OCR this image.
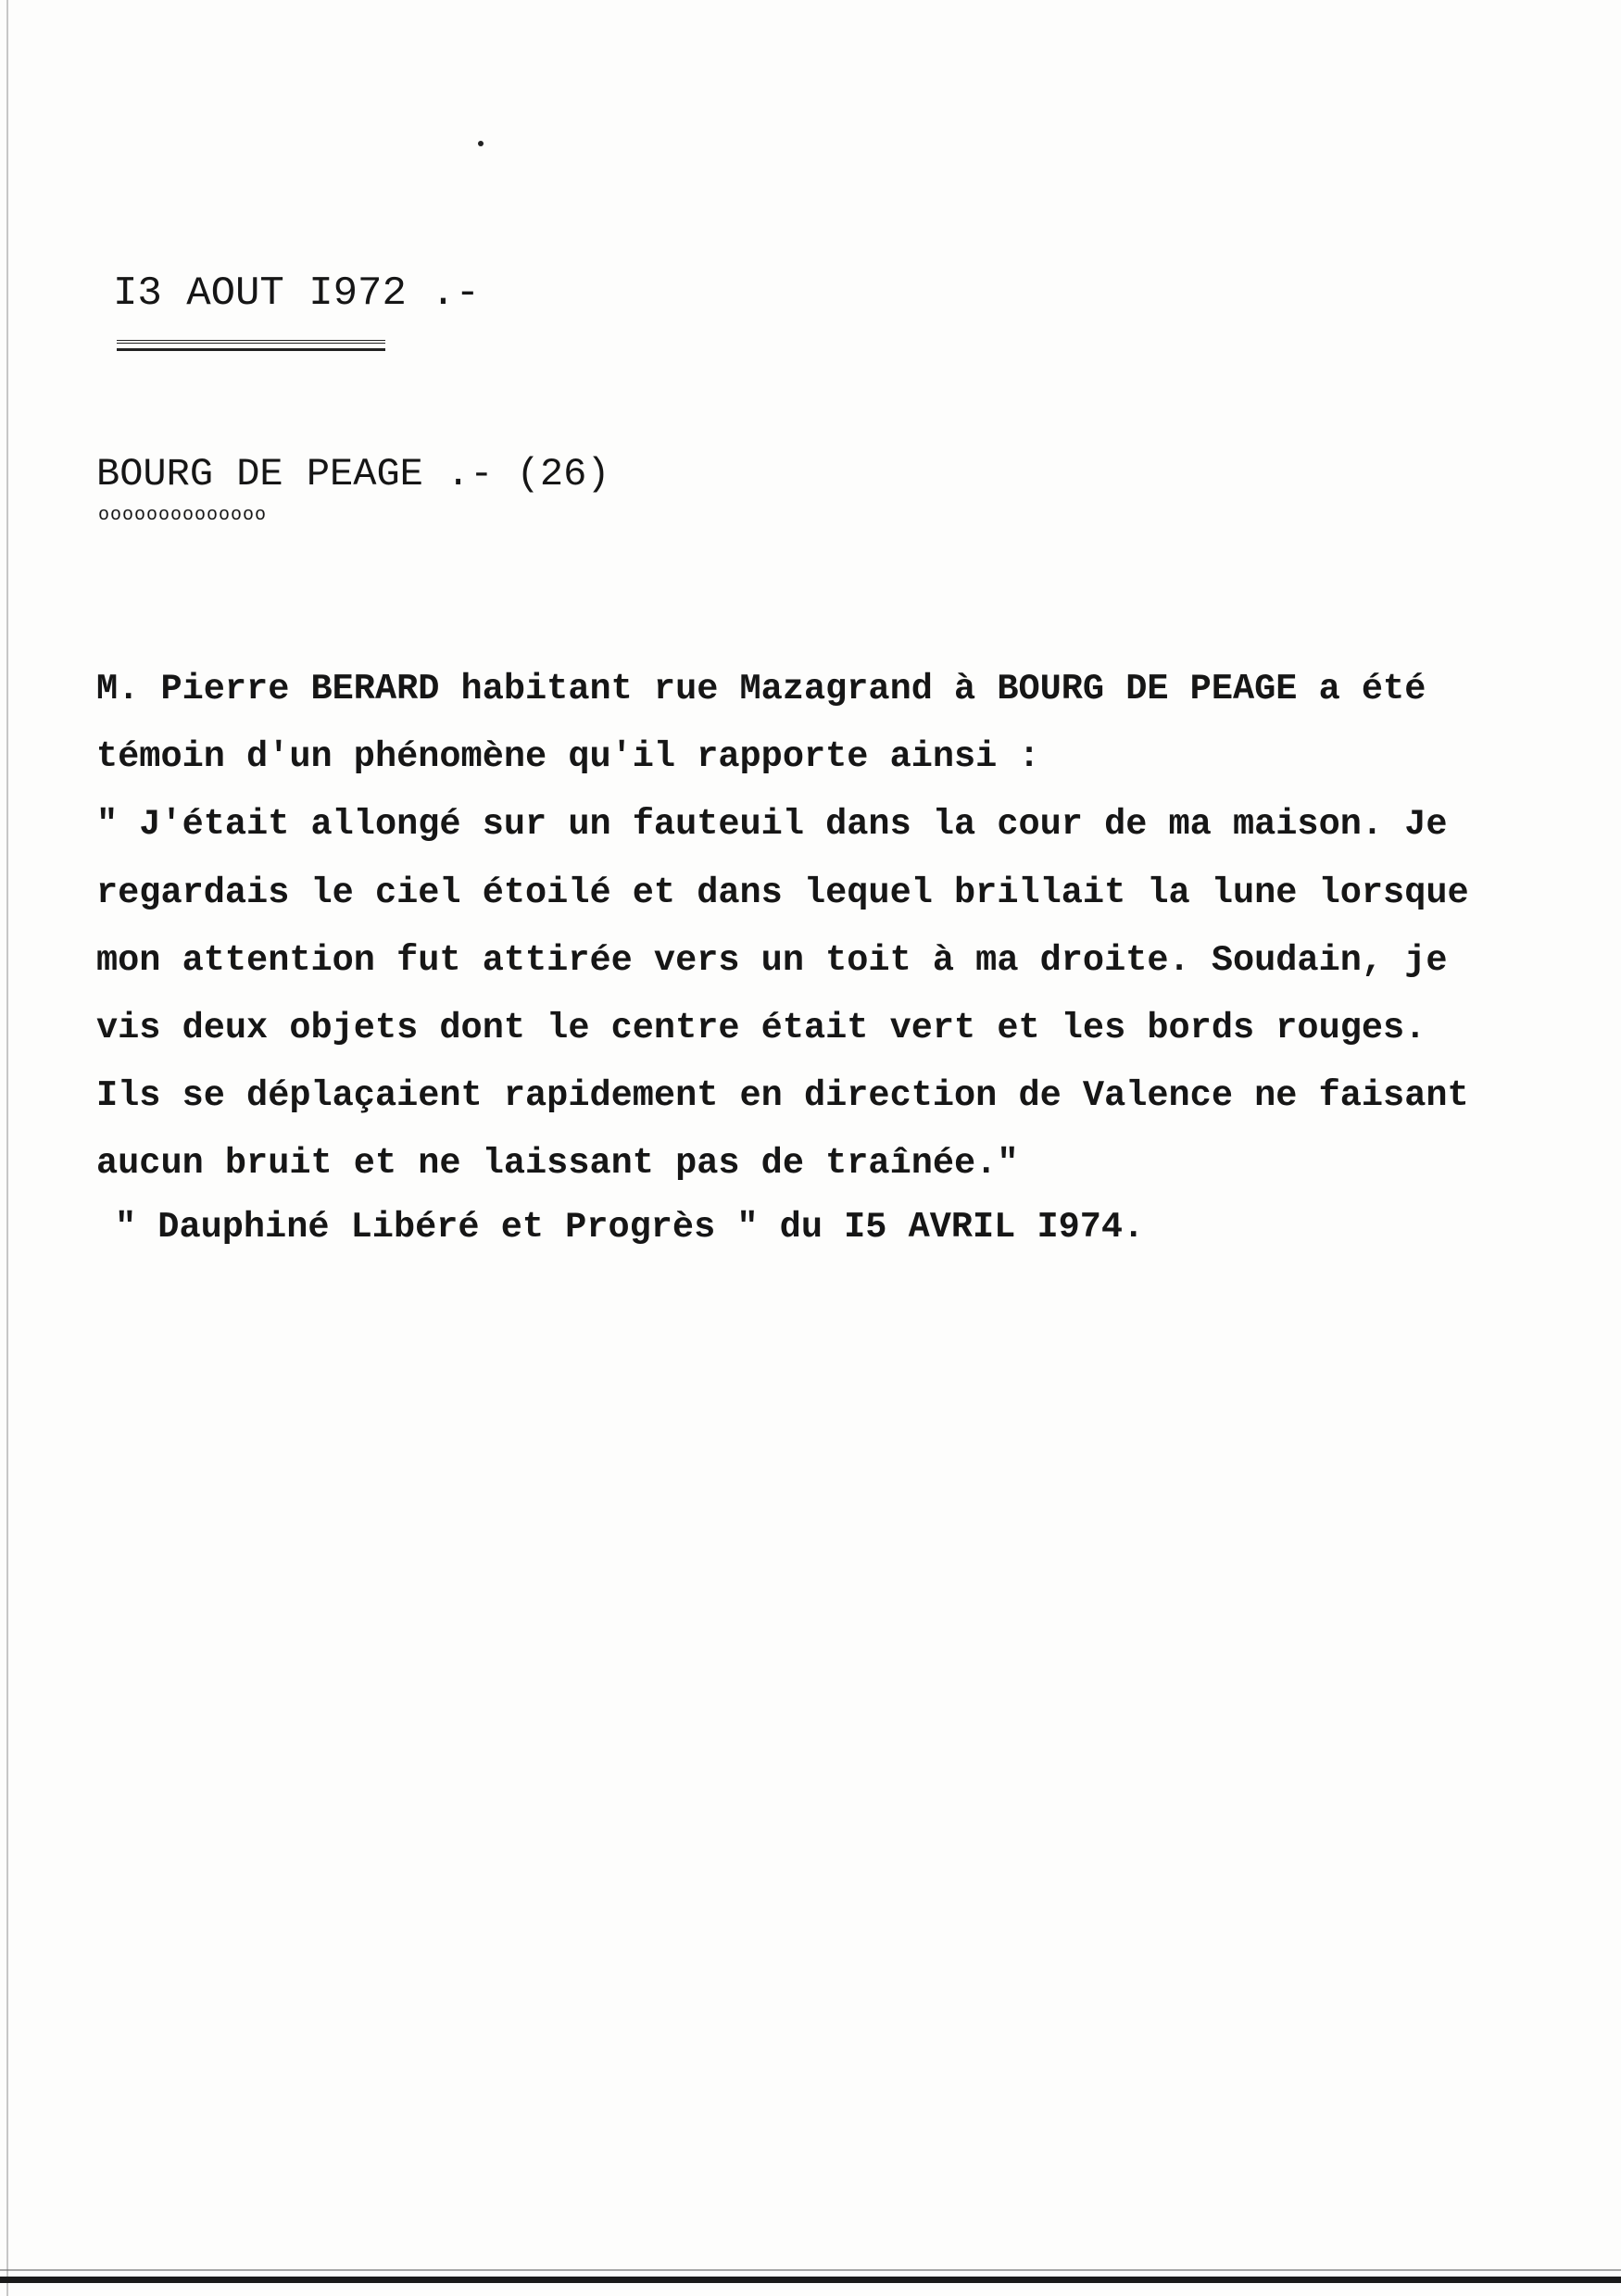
I3 AOUT I972 .-
BOURG DE PEAGE .- (26)
oooooooooooooo
M. Pierre BERARD habitant rue Mazagrand à BOURG DE PEAGE a été
témoin d'un phénomène qu'il rapporte ainsi :
" J'était allongé sur un fauteuil dans la cour de ma maison. Je
regardais le ciel étoilé et dans lequel brillait la lune lorsque
mon attention fut attirée vers un toit à ma droite. Soudain, je
vis deux objets dont le centre était vert et les bords rouges.
Ils se déplaçaient rapidement en direction de Valence ne faisant
aucun bruit et ne laissant pas de traînée."
" Dauphiné Libéré et Progrès " du I5 AVRIL I974.
